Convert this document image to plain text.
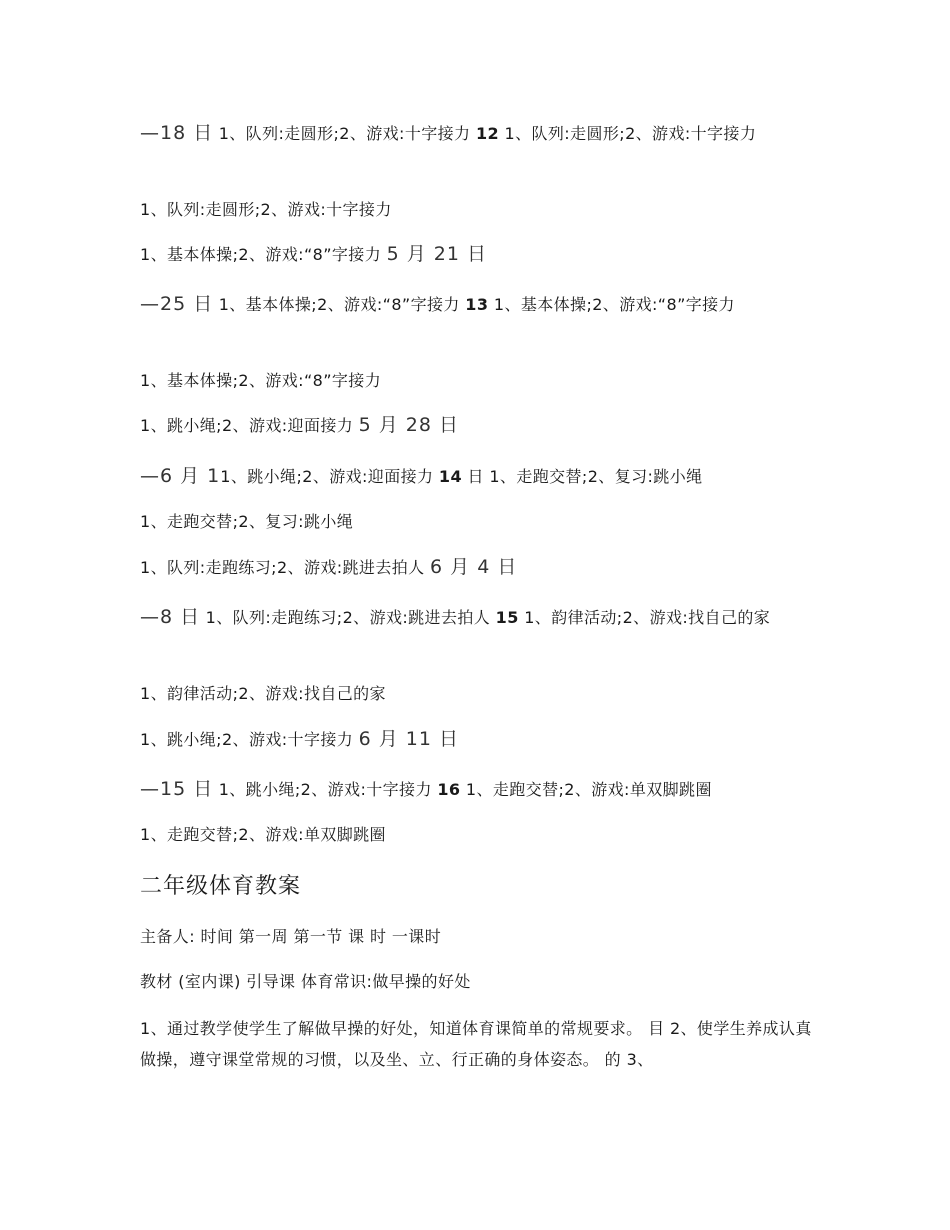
—18 日 1、队列:走圆形;2、游戏:十字接力 12 1、队列:走圆形;2、游戏:十字接力
1、队列:走圆形;2、游戏:十字接力
1、基本体操;2、游戏:“8”字接力 5 月 21 日
—25 日 1、基本体操;2、游戏:“8”字接力 13 1、基本体操;2、游戏:“8”字接力
1、基本体操;2、游戏:“8”字接力
1、跳小绳;2、游戏:迎面接力 5 月 28 日
—6 月 11、跳小绳;2、游戏:迎面接力 14 日 1、走跑交替;2、复习:跳小绳
1、走跑交替;2、复习:跳小绳
1、队列:走跑练习;2、游戏:跳进去拍人 6 月 4 日
—8 日 1、队列:走跑练习;2、游戏:跳进去拍人 15 1、韵律活动;2、游戏:找自己的家
1、韵律活动;2、游戏:找自己的家
1、跳小绳;2、游戏:十字接力 6 月 11 日
—15 日 1、跳小绳;2、游戏:十字接力 16 1、走跑交替;2、游戏:单双脚跳圈
1、走跑交替;2、游戏:单双脚跳圈
二年级体育教案
主备人: 时间 第一周 第一节 课 时 一课时
教材 (室内课) 引导课 体育常识:做早操的好处
1、通过教学使学生了解做早操的好处，知道体育课简单的常规要求。 目 2、使学生养成认真做操，遵守课堂常规的习惯，以及坐、立、行正确的身体姿态。 的 3、
